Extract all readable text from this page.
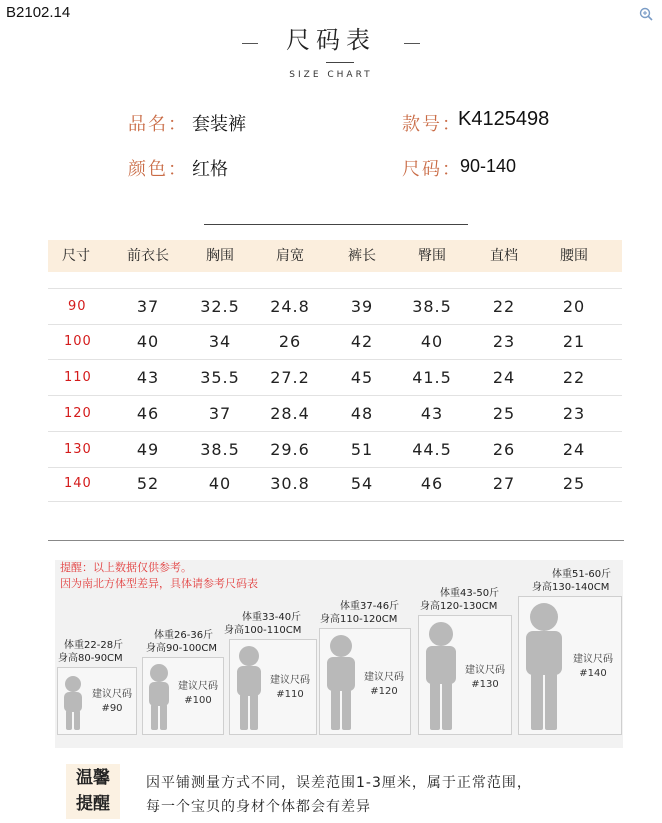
B2102.14
尺码表
SIZE CHART
品名： 套装裤	款号：
K4125498
颜色： 红格	尺码：
90-140
尺寸	前衣长	胸围	肩宽	裤长	臀围	直档	腰围
90	37	32.5	24.8	39	38.5	22	20
100	40	34	26	42	40	23	21
110	43	35.5	27.2	45	41.5	24	22
120	46	37	28.4	48	43	25	23
130	49	38.5	29.6	51	44.5	26	24
140	52	40	30.8	54	46	27	25
提醒：以上数据仅供参考。
因为南北方体型差异，具体请参考尺码表
体重22-28斤
身高80-90CM
建议尺码
#90
体重26-36斤
身高90-100CM
建议尺码
#100
体重33-40斤
身高100-110CM
建议尺码
#110
体重37-46斤
身高110-120CM
建议尺码
#120
体重43-50斤
身高120-130CM
建议尺码
#130
体重51-60斤
身高130-140CM
建议尺码
#140
温馨
提醒
因平铺测量方式不同，误差范围1-3厘米，属于正常范围，
每一个宝贝的身材个体都会有差异
